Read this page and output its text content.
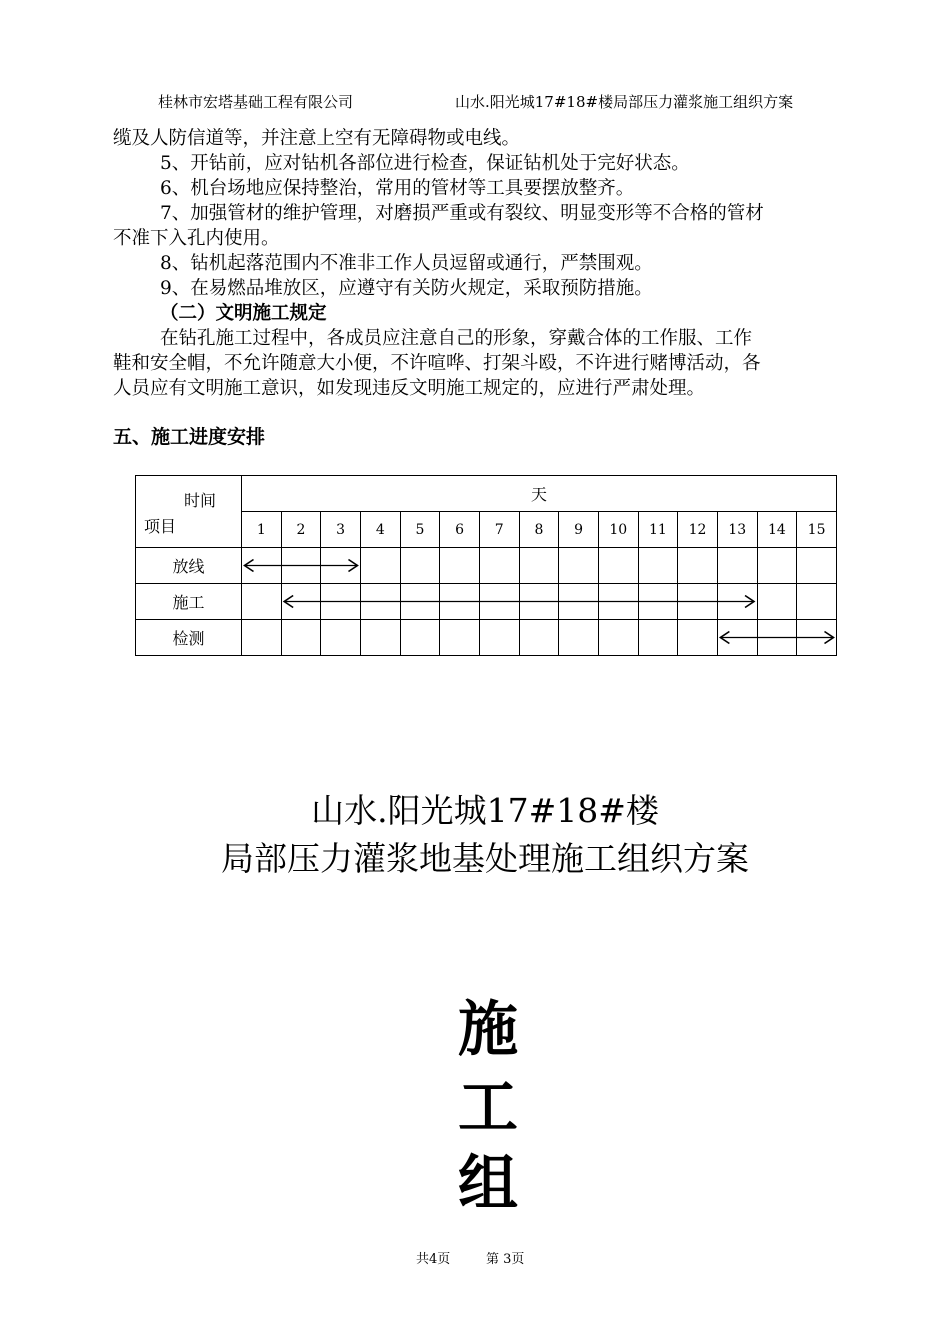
桂林市宏塔基础工程有限公司	山水.阳光城17#18#楼局部压力灌浆施工组织方案
缆及人防信道等，并注意上空有无障碍物或电线。
5、开钻前，应对钻机各部位进行检查，保证钻机处于完好状态。
6、机台场地应保持整治，常用的管材等工具要摆放整齐。
7、加强管材的维护管理，对磨损严重或有裂纹、明显变形等不合格的管材
不准下入孔内使用。
8、钻机起落范围内不准非工作人员逗留或通行，严禁围观。
9、在易燃品堆放区，应遵守有关防火规定，采取预防措施。
（二）文明施工规定
在钻孔施工过程中，各成员应注意自己的形象，穿戴合体的工作服、工作
鞋和安全帽，不允许随意大小便，不许喧哗、打架斗殴，不许进行赌博活动，各
人员应有文明施工意识，如发现违反文明施工规定的，应进行严肃处理。
五、施工进度安排
时间
项目	天														
	1	2	3	4	5	6	7	8	9	10	11	12	13	14	15
放线															
施工															
检测															
山水.阳光城17#18#楼
局部压力灌浆地基处理施工组织方案
施
工
组
共4页	第 3页
